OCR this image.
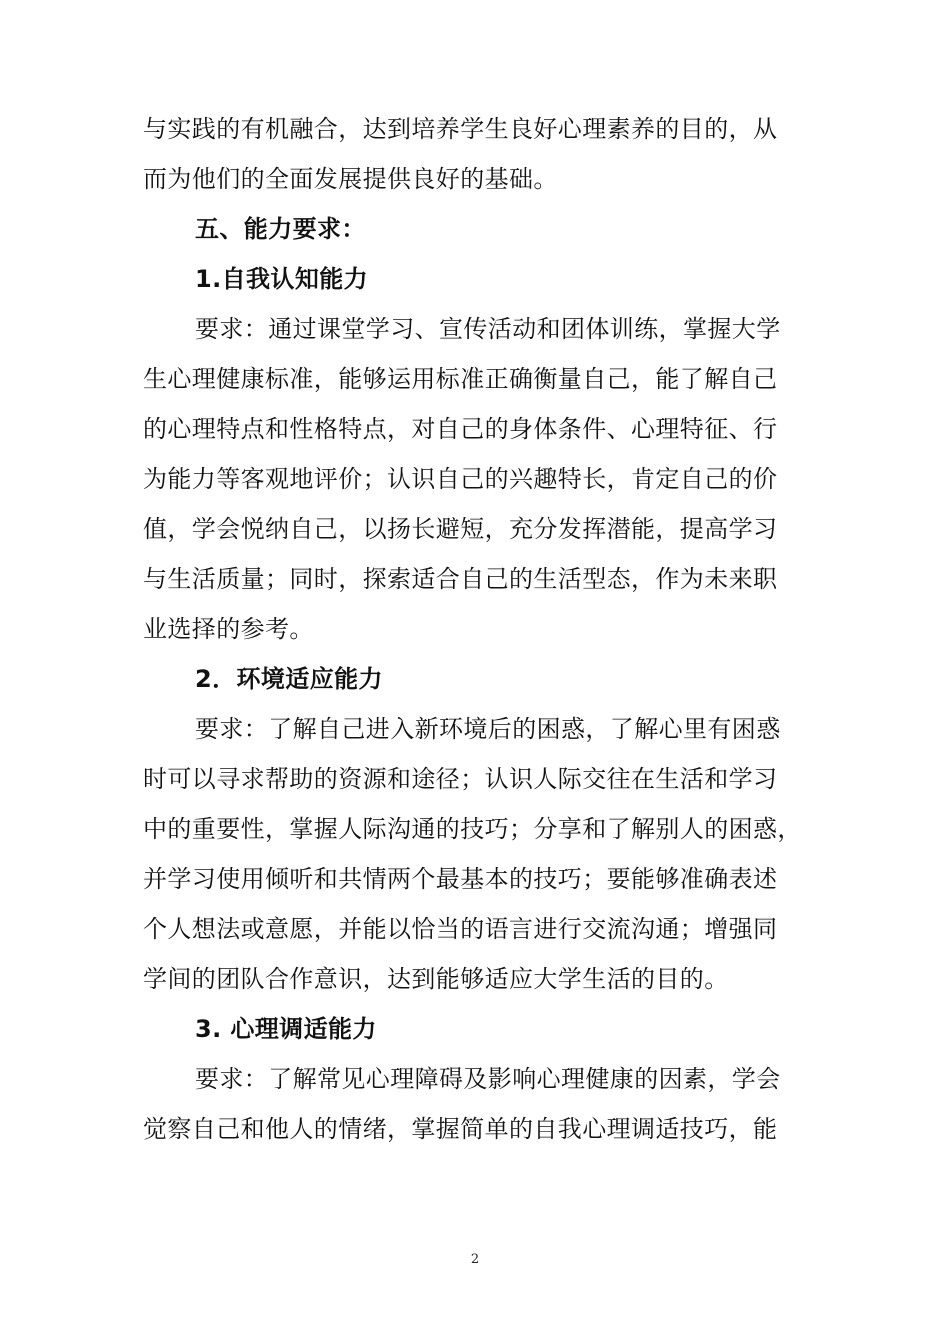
与实践的有机融合，达到培养学生良好心理素养的目的，从
而为他们的全面发展提供良好的基础。
五、能力要求：
1.自我认知能力
要求：通过课堂学习、宣传活动和团体训练，掌握大学
生心理健康标准，能够运用标准正确衡量自己，能了解自己
的心理特点和性格特点，对自己的身体条件、心理特征、行
为能力等客观地评价；认识自己的兴趣特长，肯定自己的价
值，学会悦纳自己，以扬长避短，充分发挥潜能，提高学习
与生活质量；同时，探索适合自己的生活型态，作为未来职
业选择的参考。
2．环境适应能力
要求：了解自己进入新环境后的困惑，了解心里有困惑
时可以寻求帮助的资源和途径；认识人际交往在生活和学习
中的重要性，掌握人际沟通的技巧；分享和了解别人的困惑，
并学习使用倾听和共情两个最基本的技巧；要能够准确表述
个人想法或意愿，并能以恰当的语言进行交流沟通；增强同
学间的团队合作意识，达到能够适应大学生活的目的。
3. 心理调适能力
要求：了解常见心理障碍及影响心理健康的因素，学会
觉察自己和他人的情绪，掌握简单的自我心理调适技巧，能
2
